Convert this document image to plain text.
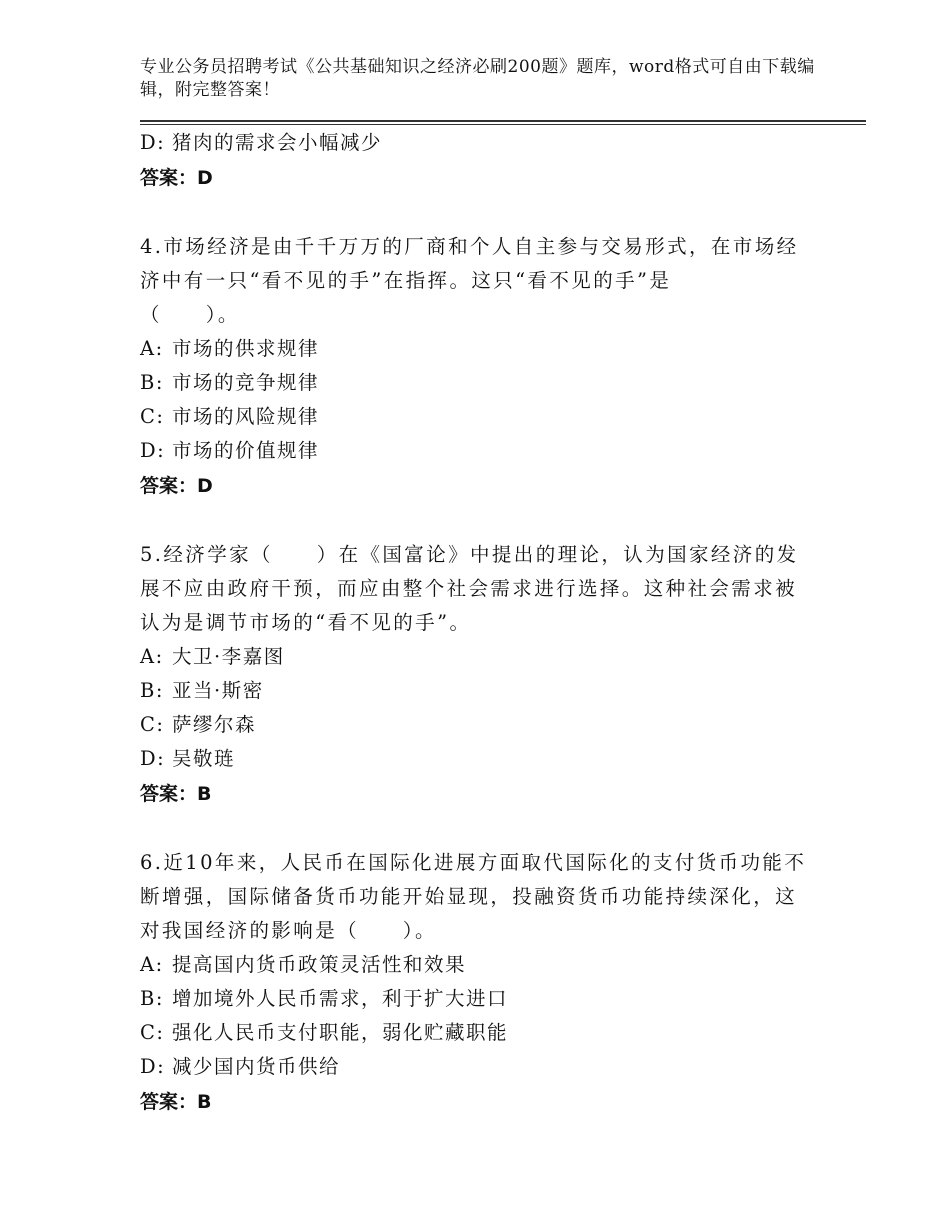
专业公务员招聘考试《公共基础知识之经济必刷200题》题库，word格式可自由下载编辑，附完整答案！
D: 猪肉的需求会小幅减少
答案：D
4.市场经济是由千千万万的厂商和个人自主参与交易形式，在市场经
济中有一只“看不见的手”在指挥。这只“看不见的手”是
（　　）。
A: 市场的供求规律
B: 市场的竞争规律
C: 市场的风险规律
D: 市场的价值规律
答案：D
5.经济学家（　　）在《国富论》中提出的理论，认为国家经济的发
展不应由政府干预，而应由整个社会需求进行选择。这种社会需求被
认为是调节市场的“看不见的手”。
A: 大卫·李嘉图
B: 亚当·斯密
C: 萨缪尔森
D: 吴敬琏
答案：B
6.近10年来，人民币在国际化进展方面取代国际化的支付货币功能不
断增强，国际储备货币功能开始显现，投融资货币功能持续深化，这
对我国经济的影响是（　　）。
A: 提高国内货币政策灵活性和效果
B: 增加境外人民币需求，利于扩大进口
C: 强化人民币支付职能，弱化贮藏职能
D: 减少国内货币供给
答案：B
